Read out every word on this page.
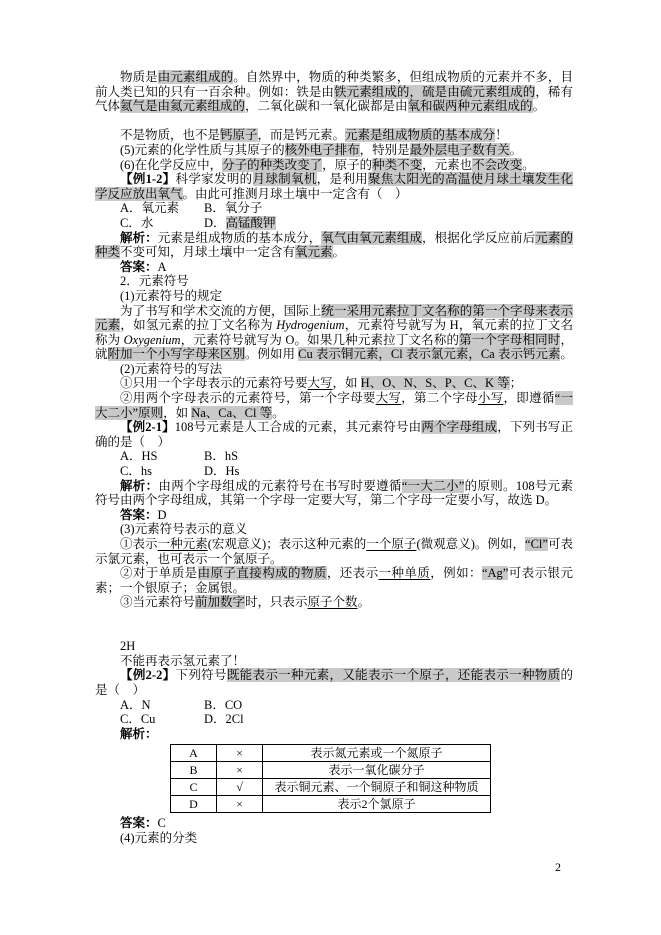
物质是由元素组成的。自然界中，物质的种类繁多，但组成物质的元素并不多，目前人类已知的只有一百余种。例如：铁是由铁元素组成的，硫是由硫元素组成的，稀有气体氦气是由氦元素组成的，二氧化碳和一氧化碳都是由氧和碳两种元素组成的。

不是物质，也不是钙原子，而是钙元素。元素是组成物质的基本成分！

(5)元素的化学性质与其原子的核外电子排布，特别是最外层电子数有关。

(6)在化学反应中，分子的种类改变了，原子的种类不变，元素也不会改变。

【例1-2】科学家发明的月球制氧机，是利用聚焦太阳光的高温使月球土壤发生化学反应放出氧气。由此可推测月球土壤中一定含有（　）

A．氧元素 B．氧分子

C．水	D．高锰酸钾

解析：元素是组成物质的基本成分，氧气由氧元素组成，根据化学反应前后元素的种类不变可知，月球土壤中一定含有氧元素。

答案：A

2．元素符号

(1)元素符号的规定

为了书写和学术交流的方便，国际上统一采用元素拉丁文名称的第一个字母来表示元素，如氢元素的拉丁文名称为 Hydrogenium，元素符号就写为 H，氧元素的拉丁文名称为 Oxygenium，元素符号就写为 O。如果几种元素拉丁文名称的第一个字母相同时，就附加一个小写字母来区别。例如用 Cu 表示铜元素，Cl 表示氯元素，Ca 表示钙元素。

(2)元素符号的写法

①只用一个字母表示的元素符号要大写，如 H、O、N、S、P、C、K 等；

②用两个字母表示的元素符号，第一个字母要大写，第二个字母小写，即遵循“一大二小”原则，如 Na、Ca、Cl 等。

【例2-1】108号元素是人工合成的元素，其元素符号由两个字母组成，下列书写正确的是（　）

A．HS	B．hS

C．hs	D．Hs

解析：由两个字母组成的元素符号在书写时要遵循“一大二小”的原则。108号元素符号由两个字母组成，其第一个字母一定要大写，第二个字母一定要小写，故选 D。

答案：D

(3)元素符号表示的意义

①表示一种元素(宏观意义)；表示这种元素的一个原子(微观意义)。例如，“Cl”可表示氯元素，也可表示一个氯原子。

②对于单质是由原子直接构成的物质，还表示一种单质，例如：“Ag”可表示银元素；一个银原子；金属银。

③当元素符号前加数字时，只表示原子个数。

2H

不能再表示氢元素了！

【例2-2】下列符号既能表示一种元素，又能表示一个原子，还能表示一种物质的是（　）

A．N	B．CO

C．Cu	D．2Cl

解析：

A	×	表示氮元素或一个氮原子
B	×	表示一氧化碳分子
C	√	表示铜元素、一个铜原子和铜这种物质
D	×	表示2个氯原子

答案：C

(4)元素的分类

2
